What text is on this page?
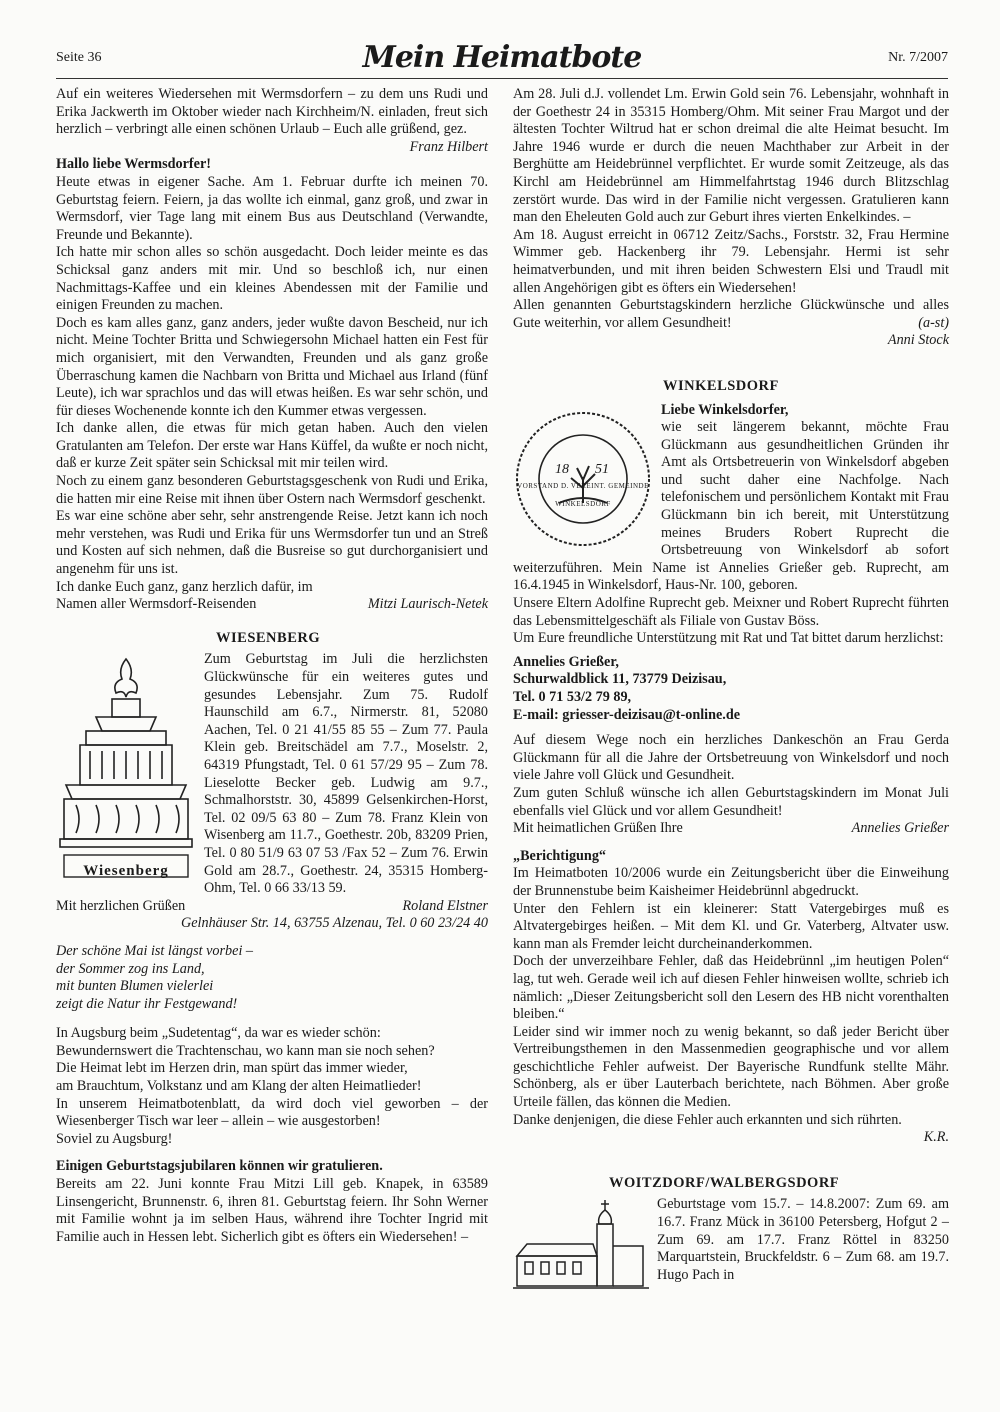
Seite 36	Mein Heimatbote	Nr. 7/2007

Auf ein weiteres Wiedersehen mit Wermsdorfern – zu dem uns Rudi und Erika Jackwerth im Oktober wieder nach Kirchheim/N. einladen, freut sich herzlich – verbringt alle einen schönen Urlaub – Euch alle grüßend, gez.

Franz Hilbert

Hallo liebe Wermsdorfer!

Heute etwas in eigener Sache. Am 1. Februar durfte ich meinen 70. Geburtstag feiern. Feiern, ja das wollte ich einmal, ganz groß, und zwar in Wermsdorf, vier Tage lang mit einem Bus aus Deutschland (Verwandte, Freunde und Bekannte).

Ich hatte mir schon alles so schön ausgedacht. Doch leider meinte es das Schicksal ganz anders mit mir. Und so beschloß ich, nur einen Nachmittags-Kaffee und ein kleines Abendessen mit der Familie und einigen Freunden zu machen.

Doch es kam alles ganz, ganz anders, jeder wußte davon Bescheid, nur ich nicht. Meine Tochter Britta und Schwiegersohn Michael hatten ein Fest für mich organisiert, mit den Verwandten, Freunden und als ganz große Überraschung kamen die Nachbarn von Britta und Michael aus Irland (fünf Leute), ich war sprachlos und das will etwas heißen. Es war sehr schön, und für dieses Wochenende konnte ich den Kummer etwas vergessen.

Ich danke allen, die etwas für mich getan haben. Auch den vielen Gratulanten am Telefon. Der erste war Hans Küffel, da wußte er noch nicht, daß er kurze Zeit später sein Schicksal mit mir teilen wird.

Noch zu einem ganz besonderen Geburtstagsgeschenk von Rudi und Erika, die hatten mir eine Reise mit ihnen über Ostern nach Wermsdorf geschenkt.

Es war eine schöne aber sehr, sehr anstrengende Reise. Jetzt kann ich noch mehr verstehen, was Rudi und Erika für uns Wermsdorfer tun und an Streß und Kosten auf sich nehmen, daß die Busreise so gut durchorganisiert und angenehm für uns ist.

Ich danke Euch ganz, ganz herzlich dafür, im Namen aller Wermsdorf-Reisenden	Mitzi Laurisch-Netek

WIESENBERG
Wiesenberg

Zum Geburtstag im Juli die herzlichsten Glückwünsche für ein weiteres gutes und gesundes Lebensjahr. Zum 75. Rudolf Haunschild am 6.7., Nirmerstr. 81, 52080 Aachen, Tel. 0 21 41/55 85 55 – Zum 77. Paula Klein geb. Breitschädel am 7.7., Moselstr. 2, 64319 Pfungstadt, Tel. 0 61 57/29 95 – Zum 78. Lieselotte Becker geb. Ludwig am 9.7., Schmalhorststr. 30, 45899 Gelsenkirchen-Horst, Tel. 02 09/5 63 80 – Zum 78. Franz Klein von Wisenberg am 11.7., Goethestr. 20b, 83209 Prien, Tel. 0 80 51/9 63 07 53 /Fax 52 – Zum 76. Erwin Gold am 28.7., Goethestr. 24, 35315 Homberg-Ohm, Tel. 0 66 33/13 59.

Mit herzlichen Grüßen	Roland Elstner

Gelnhäuser Str. 14, 63755 Alzenau, Tel. 0 60 23/24 40

Der schöne Mai ist längst vorbei –

der Sommer zog ins Land,

mit bunten Blumen vielerlei

zeigt die Natur ihr Festgewand!

In Augsburg beim „Sudetentag“, da war es wieder schön:

Bewundernswert die Trachtenschau, wo kann man sie noch sehen?

Die Heimat lebt im Herzen drin, man spürt das immer wieder,

am Brauchtum, Volkstanz und am Klang der alten Heimatlieder!

In unserem Heimatbotenblatt, da wird doch viel geworben – der Wiesenberger Tisch war leer – allein – wie ausgestorben!

Soviel zu Augsburg!

Einigen Geburtstagsjubilaren können wir gratulieren.

Bereits am 22. Juni konnte Frau Mitzi Lill geb. Knapek, in 63589 Linsengericht, Brunnenstr. 6, ihren 81. Geburtstag feiern. Ihr Sohn Werner mit Familie wohnt ja im selben Haus, während ihre Tochter Ingrid mit Familie auch in Hessen lebt. Sicherlich gibt es öfters ein Wiedersehen! –

Am 28. Juli d.J. vollendet Lm. Erwin Gold sein 76. Lebensjahr, wohnhaft in der Goethestr 24 in 35315 Homberg/Ohm. Mit seiner Frau Margot und der ältesten Tochter Wiltrud hat er schon dreimal die alte Heimat besucht. Im Jahre 1946 wurde er durch die neuen Machthaber zur Arbeit in der Berghütte am Heidebrünnel verpflichtet. Er wurde somit Zeitzeuge, als das Kirchl am Heidebrünnel am Himmelfahrtstag 1946 durch Blitzschlag zerstört wurde. Das wird in der Familie nicht vergessen. Gratulieren kann man den Eheleuten Gold auch zur Geburt ihres vierten Enkelkindes. –

Am 18. August erreicht in 06712 Zeitz/Sachs., Forststr. 32, Frau Hermine Wimmer geb. Hackenberg ihr 79. Lebensjahr. Hermi ist sehr heimatverbunden, und mit ihren beiden Schwestern Elsi und Traudl mit allen Angehörigen gibt es öfters ein Wiedersehen!

Allen genannten Geburtstagskindern herzliche Glückwünsche und alles Gute weiterhin, vor allem Gesundheit!	(a-st)

Anni Stock

WINKELSDORF
18	51
VORSTAND D. VEREINT. GEMEINDE WINKELSDORF

Liebe Winkelsdorfer,

wie seit längerem bekannt, möchte Frau Glückmann aus gesundheitlichen Gründen ihr Amt als Ortsbetreuerin von Winkelsdorf abgeben und sucht daher eine Nachfolge. Nach telefonischem und persönlichem Kontakt mit Frau Glückmann bin ich bereit, mit Unterstützung meines Bruders Robert Ruprecht die Ortsbetreuung von Winkelsdorf ab sofort weiterzuführen. Mein Name ist Annelies Grießer geb. Ruprecht, am 16.4.1945 in Winkelsdorf, Haus-Nr. 100, geboren.

Unsere Eltern Adolfine Ruprecht geb. Meixner und Robert Ruprecht führten das Lebensmittelgeschäft als Filiale von Gustav Böss.

Um Eure freundliche Unterstützung mit Rat und Tat bittet darum herzlichst:

Annelies Grießer,

Schurwaldblick 11, 73779 Deizisau,

Tel. 0 71 53/2 79 89,

E-mail: griesser-deizisau@t-online.de

Auf diesem Wege noch ein herzliches Dankeschön an Frau Gerda Glückmann für all die Jahre der Ortsbetreuung von Winkelsdorf und noch viele Jahre voll Glück und Gesundheit.

Zum guten Schluß wünsche ich allen Geburtstagskindern im Monat Juli ebenfalls viel Glück und vor allem Gesundheit!

Mit heimatlichen Grüßen Ihre	Annelies Grießer

„Berichtigung“

Im Heimatboten 10/2006 wurde ein Zeitungsbericht über die Einweihung der Brunnenstube beim Kaisheimer Heidebrünnl abgedruckt.

Unter den Fehlern ist ein kleinerer: Statt Vatergebirges muß es Altvatergebirges heißen. – Mit dem Kl. und Gr. Vaterberg, Altvater usw. kann man als Fremder leicht durcheinanderkommen.

Doch der unverzeihbare Fehler, daß das Heidebrünnl „im heutigen Polen“ lag, tut weh. Gerade weil ich auf diesen Fehler hinweisen wollte, schrieb ich nämlich: „Dieser Zeitungsbericht soll den Lesern des HB nicht vorenthalten bleiben.“

Leider sind wir immer noch zu wenig bekannt, so daß jeder Bericht über Vertreibungsthemen in den Massenmedien geographische und vor allem geschichtliche Fehler aufweist. Der Bayerische Rundfunk stellte Mähr. Schönberg, als er über Lauterbach berichtete, nach Böhmen. Aber große Urteile fällen, das können die Medien.

Danke denjenigen, die diese Fehler auch erkannten und sich rührten.

K.R.

WOITZDORF/WALBERGSDORF

Geburtstage vom 15.7. – 14.8.2007: Zum 69. am 16.7. Franz Mück in 36100 Petersberg, Hofgut 2 – Zum 69. am 17.7. Franz Röttel in 83250 Marquartstein, Bruckfeldstr. 6 – Zum 68. am 19.7. Hugo Pach in
